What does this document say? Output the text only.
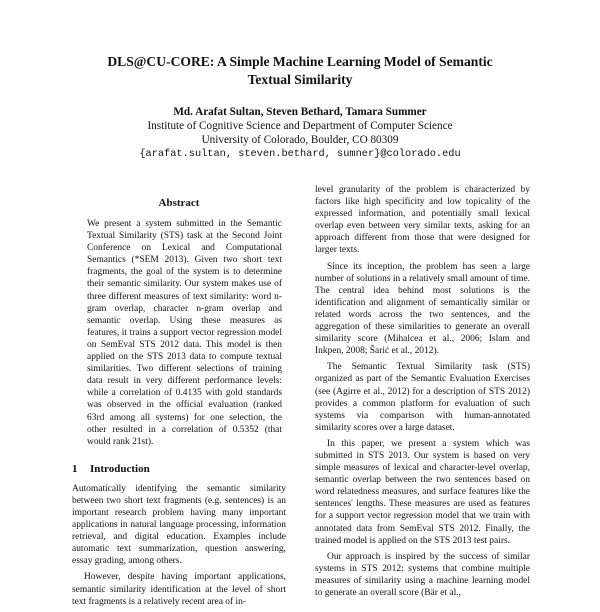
DLS@CU-CORE: A Simple Machine Learning Model of Semantic
Textual Similarity
Md. Arafat Sultan, Steven Bethard, Tamara Summer
Institute of Cognitive Science and Department of Computer Science
University of Colorado, Boulder, CO 80309
{arafat.sultan, steven.bethard, sumner}@colorado.edu
Abstract

We present a system submitted in the Semantic Textual Similarity (STS) task at the Second Joint Conference on Lexical and Computational Semantics (*SEM 2013). Given two short text fragments, the goal of the system is to determine their semantic similarity. Our system makes use of three different measures of text similarity: word n-gram overlap, character n-gram overlap and semantic overlap. Using these measures as features, it trains a support vector regression model on SemEval STS 2012 data. This model is then applied on the STS 2013 data to compute textual similarities. Two different selections of training data result in very different performance levels: while a correlation of 0.4135 with gold standards was observed in the official evaluation (ranked 63rd among all systems) for one selection, the other resulted in a correlation of 0.5352 (that would rank 21st).

1 Introduction

Automatically identifying the semantic similarity between two short text fragments (e.g. sentences) is an important research problem having many important applications in natural language processing, information retrieval, and digital education. Examples include automatic text summarization, question answering, essay grading, among others.

However, despite having important applications, semantic similarity identification at the level of short text fragments is a relatively recent area of in-

level granularity of the problem is characterized by factors like high specificity and low topicality of the expressed information, and potentially small lexical overlap even between very similar texts, asking for an approach different from those that were designed for larger texts.

Since its inception, the problem has seen a large number of solutions in a relatively small amount of time. The central idea behind most solutions is the identification and alignment of semantically similar or related words across the two sentences, and the aggregation of these similarities to generate an overall similarity score (Mihalcea et al., 2006; Islam and Inkpen, 2008; Šarić et al., 2012).

The Semantic Textual Similarity task (STS) organized as part of the Semantic Evaluation Exercises (see (Agirre et al., 2012) for a description of STS 2012) provides a common platform for evaluation of such systems via comparison with human-annotated similarity scores over a large dataset.

In this paper, we present a system which was submitted in STS 2013. Our system is based on very simple measures of lexical and character-level overlap, semantic overlap between the two sentences based on word relatedness measures, and surface features like the sentences' lengths. These measures are used as features for a support vector regression model that we train with annotated data from SemEval STS 2012. Finally, the trained model is applied on the STS 2013 test pairs.

Our approach is inspired by the success of similar systems in STS 2012: systems that combine multiple measures of similarity using a machine learning model to generate an overall score (Bär et al.,
